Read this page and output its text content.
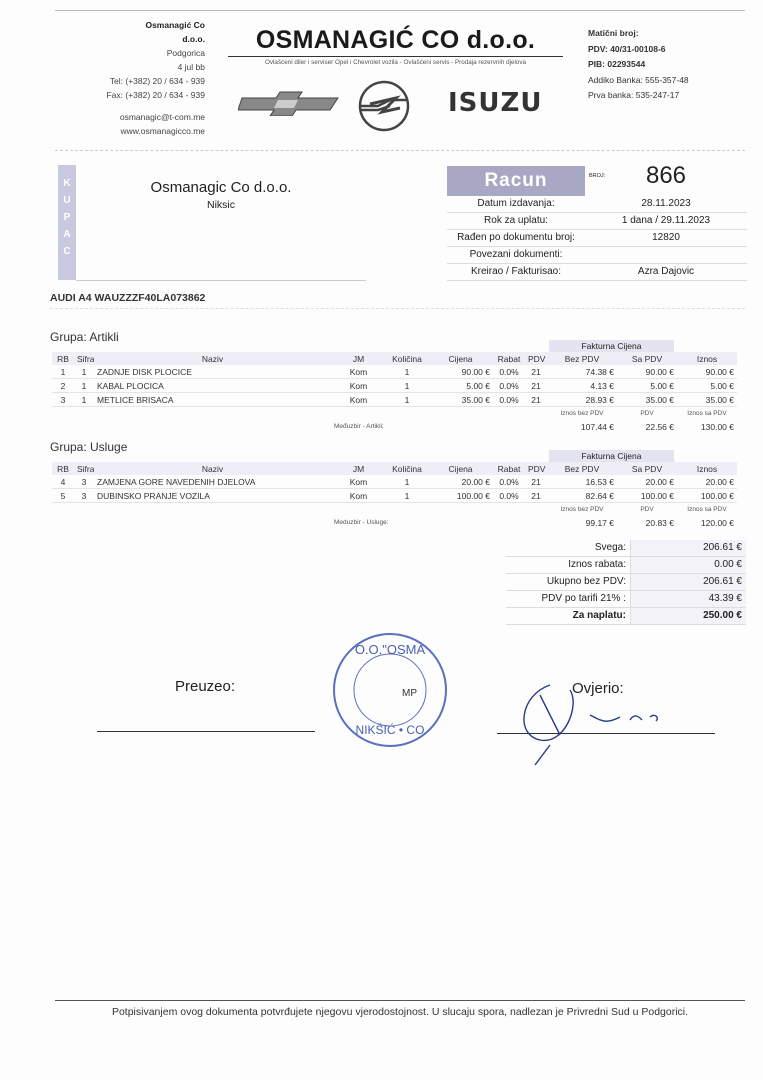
Osmanagić Co
d.o.o.
Podgorica
4 jul bb
Tel: (+382) 20 / 634 - 939
Fax: (+382) 20 / 634 - 939
osmanagic@t-com.me
www.osmanagicco.me
OSMANAGIĆ CO d.o.o.
Ovlašćeni diler i serviser Opel i Chevrolet vozila - Ovlašćeni servis - Prodaja rezervnih djelova
Matični broj:
PDV: 40/31-00108-6
PIB: 02293544
Addiko Banka: 555-357-48
Prva banka: 535-247-17
ISUZU
KUPAC
Osmanagic Co d.o.o.
Niksic
Racun	BROJ:	866
Datum izdavanja:	28.11.2023
Rok za uplatu:	1 dana / 29.11.2023
Rađen po dokumentu broj:	12820
Povezani dokumenti:
Kreirao / Fakturisao:	Azra Dajovic
AUDI A4 WAUZZZF40LA073862
Grupa: Artikli
Fakturna Cijena
RB	Sifra	Naziv	JM	Količina	Cijena	Rabat	PDV	Bez PDV	Sa PDV	Iznos
1	1	ZADNJE DISK PLOCICE	Kom	1	90.00 €	0.0%	21	74.38 €	90.00 €	90.00 €
2	1	KABAL PLOCICA	Kom	1	5.00 €	0.0%	21	4.13 €	5.00 €	5.00 €
3	1	METLICE BRISACA	Kom	1	35.00 €	0.0%	21	28.93 €	35.00 €	35.00 €
								Iznos bez PDV	PDV	Iznos sa PDV
			Međuzbir - Artikli:					107.44 €	22.56 €	130.00 €
Grupa: Usluge
Fakturna Cijena
RB	Sifra	Naziv	JM	Količina	Cijena	Rabat	PDV	Bez PDV	Sa PDV	Iznos
4	3	ZAMJENA GORE NAVEDENIH DJELOVA	Kom	1	20.00 €	0.0%	21	16.53 €	20.00 €	20.00 €
5	3	DUBINSKO PRANJE VOZILA	Kom	1	100.00 €	0.0%	21	82.64 €	100.00 €	100.00 €
								Iznos bez PDV	PDV	Iznos sa PDV
			Meduzbir - Usluge:					99.17 €	20.83 €	120.00 €
Svega:	206.61 €
Iznos rabata:	0.00 €
Ukupno bez PDV:	206.61 €
PDV po tarifi 21% :	43.39 €
Za naplatu:	250.00 €
O.O."OSMA
NIKŠIĆ • CO
MP
Preuzeo:	Ovjerio:
Potpisivanjem ovog dokumenta potvrđujete njegovu vjerodostojnost. U slucaju spora, nadlezan je Privredni Sud u Podgorici.
